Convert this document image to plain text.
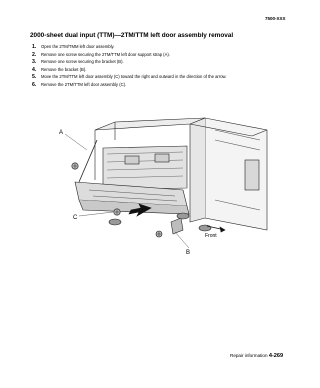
7500-XXX
2000-sheet dual input (TTM)—2TM/TTM left door assembly removal
1.	Open the 2TM/TMM left door assembly.
2.	Remove one screw securing the 2TM/TTM left door support strap (A).
3.	Remove one screw securing the bracket (B).
4.	Remove the bracket (B).
5.	Move the 2TM/TTM left door assembly (C) toward the right and outward in the direction of the arrow.
6.	Remove the 2TM/TTM left door assembly (C).
A
C
B
Front
Repair information 4-269
